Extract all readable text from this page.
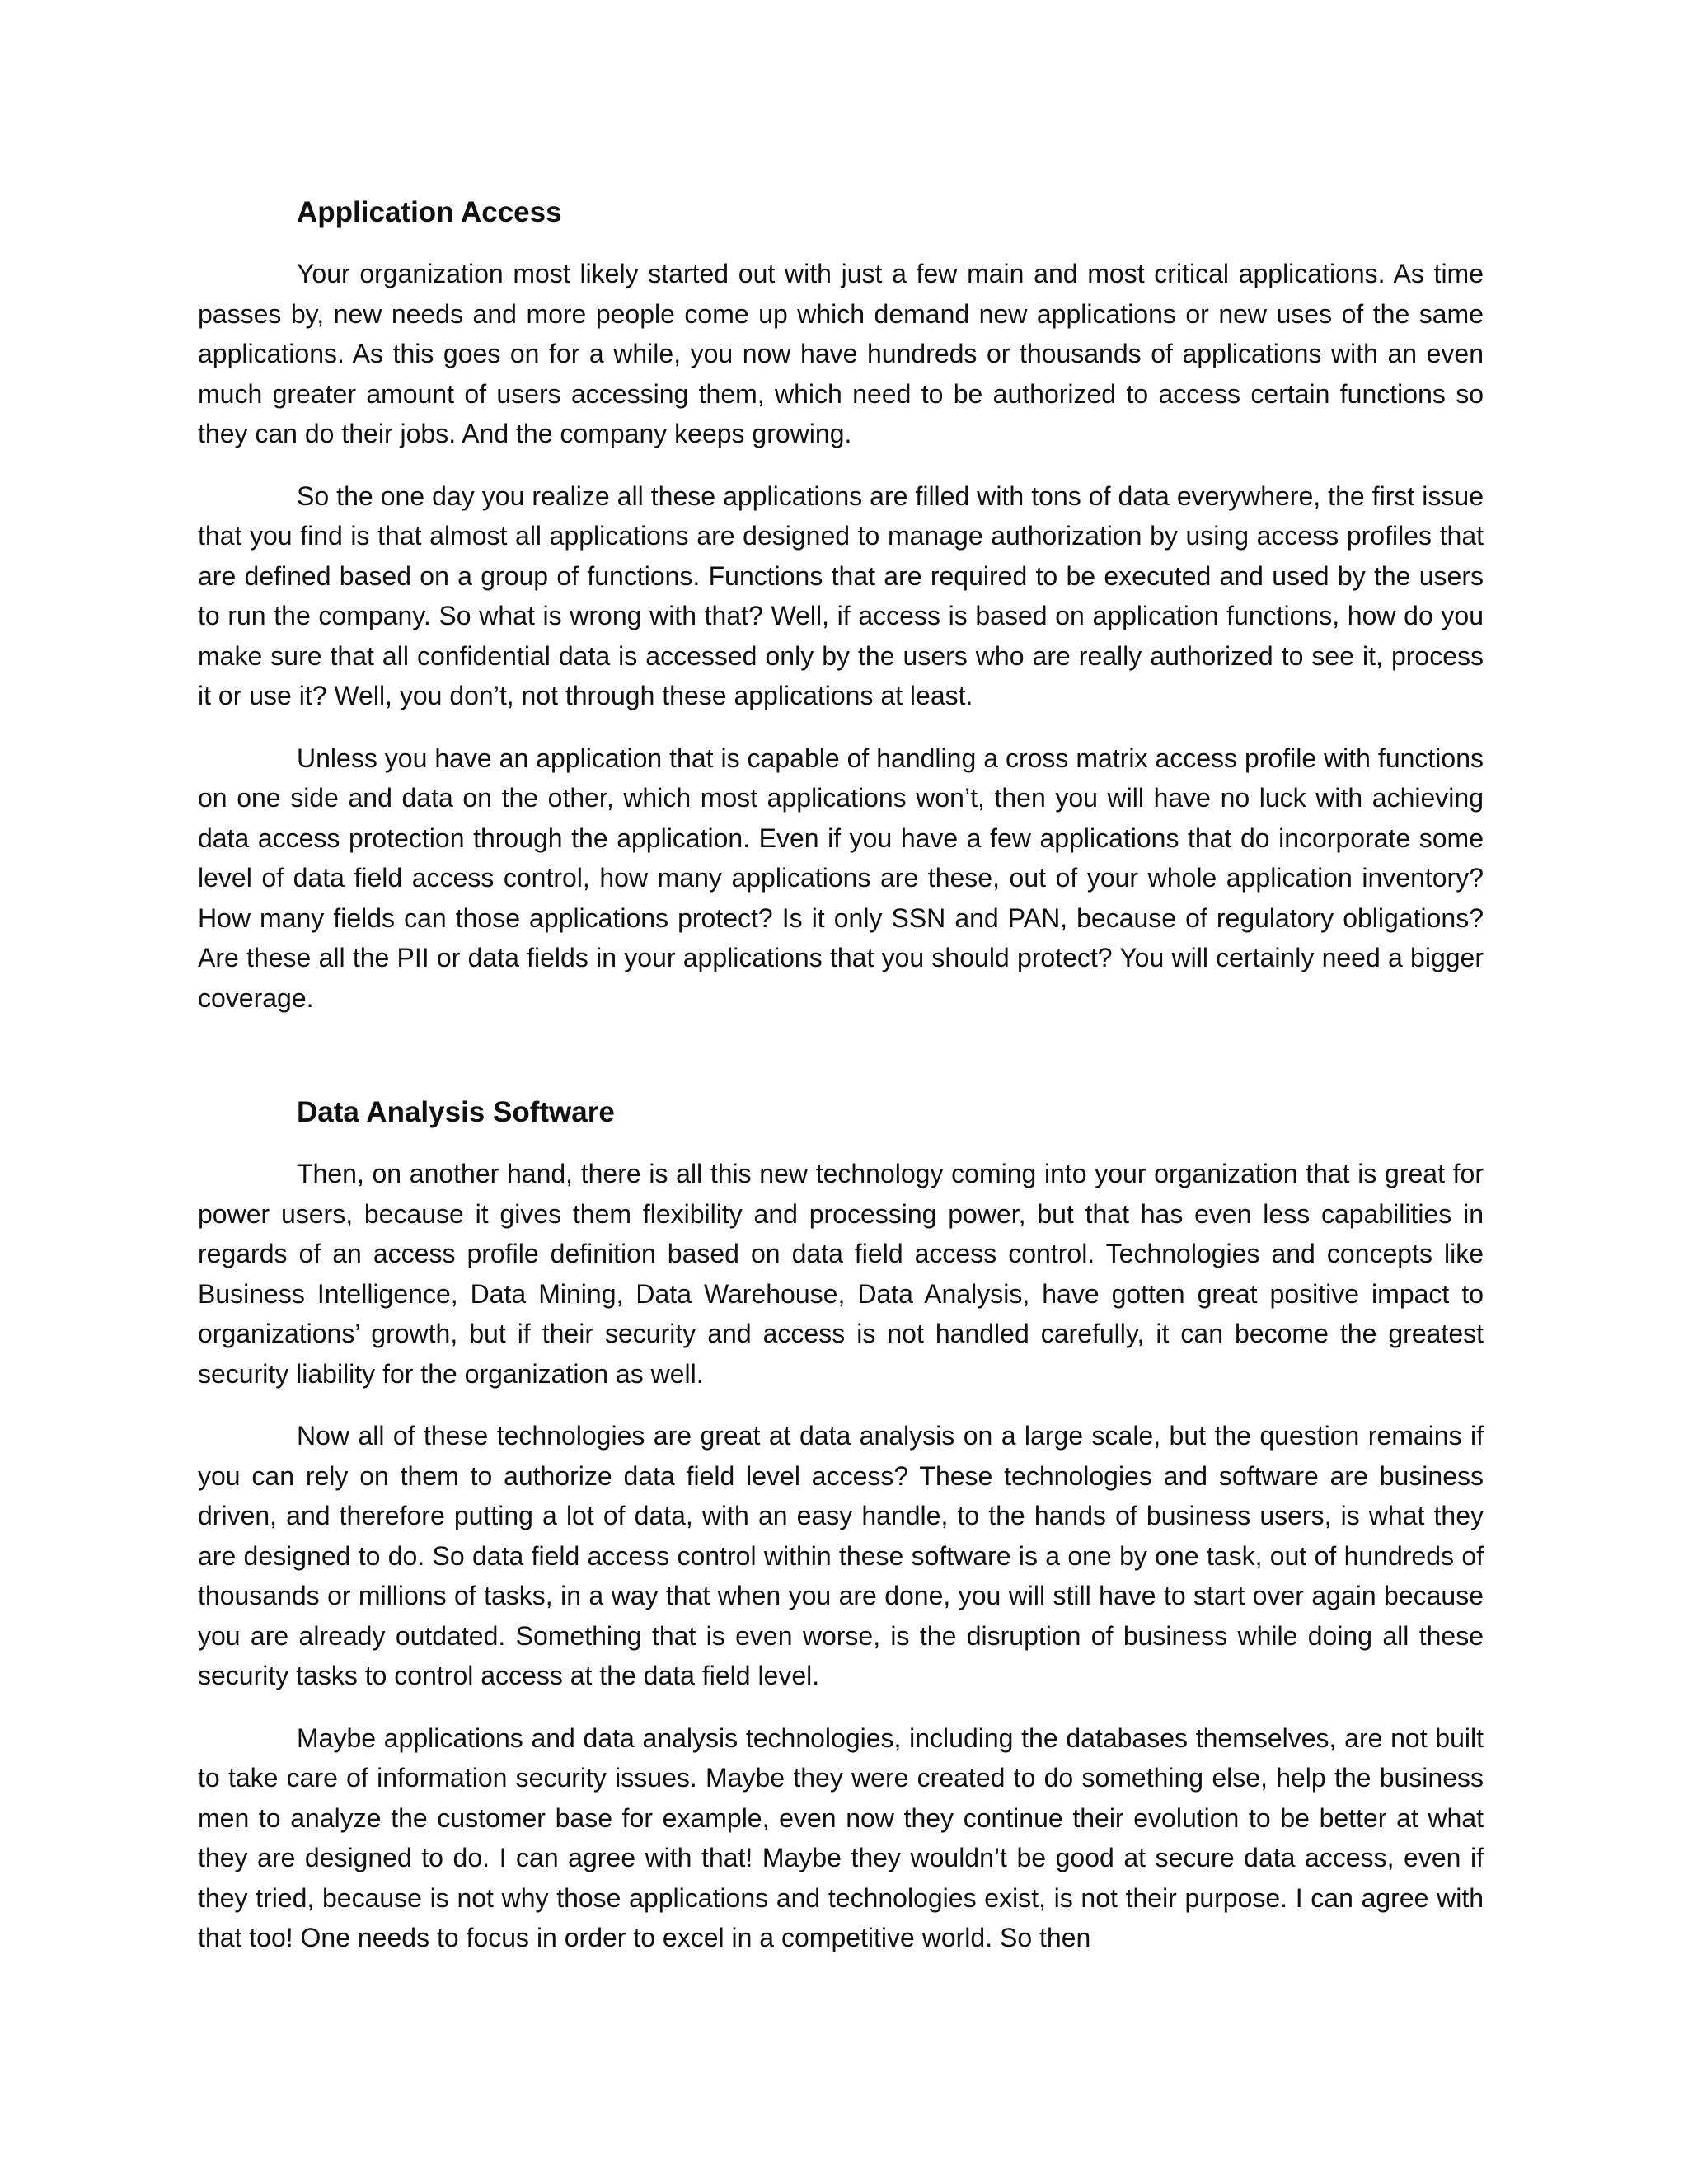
Application Access

Your organization most likely started out with just a few main and most critical applications. As time passes by, new needs and more people come up which demand new applications or new uses of the same applications. As this goes on for a while, you now have hundreds or thousands of applications with an even much greater amount of users accessing them, which need to be authorized to access certain functions so they can do their jobs. And the company keeps growing.

So the one day you realize all these applications are filled with tons of data everywhere, the first issue that you find is that almost all applications are designed to manage authorization by using access profiles that are defined based on a group of functions. Functions that are required to be executed and used by the users to run the company. So what is wrong with that? Well, if access is based on application functions, how do you make sure that all confidential data is accessed only by the users who are really authorized to see it, process it or use it? Well, you don’t, not through these applications at least.

Unless you have an application that is capable of handling a cross matrix access profile with functions on one side and data on the other, which most applications won’t, then you will have no luck with achieving data access protection through the application. Even if you have a few applications that do incorporate some level of data field access control, how many applications are these, out of your whole application inventory? How many fields can those applications protect? Is it only SSN and PAN, because of regulatory obligations? Are these all the PII or data fields in your applications that you should protect? You will certainly need a bigger coverage.

Data Analysis Software

Then, on another hand, there is all this new technology coming into your organization that is great for power users, because it gives them flexibility and processing power, but that has even less capabilities in regards of an access profile definition based on data field access control. Technologies and concepts like Business Intelligence, Data Mining, Data Warehouse, Data Analysis, have gotten great positive impact to organizations’ growth, but if their security and access is not handled carefully, it can become the greatest security liability for the organization as well.

Now all of these technologies are great at data analysis on a large scale, but the question remains if you can rely on them to authorize data field level access? These technologies and software are business driven, and therefore putting a lot of data, with an easy handle, to the hands of business users, is what they are designed to do. So data field access control within these software is a one by one task, out of hundreds of thousands or millions of tasks, in a way that when you are done, you will still have to start over again because you are already outdated. Something that is even worse, is the disruption of business while doing all these security tasks to control access at the data field level.

Maybe applications and data analysis technologies, including the databases themselves, are not built to take care of information security issues. Maybe they were created to do something else, help the business men to analyze the customer base for example, even now they continue their evolution to be better at what they are designed to do. I can agree with that! Maybe they wouldn’t be good at secure data access, even if they tried, because is not why those applications and technologies exist, is not their purpose. I can agree with that too! One needs to focus in order to excel in a competitive world. So then
